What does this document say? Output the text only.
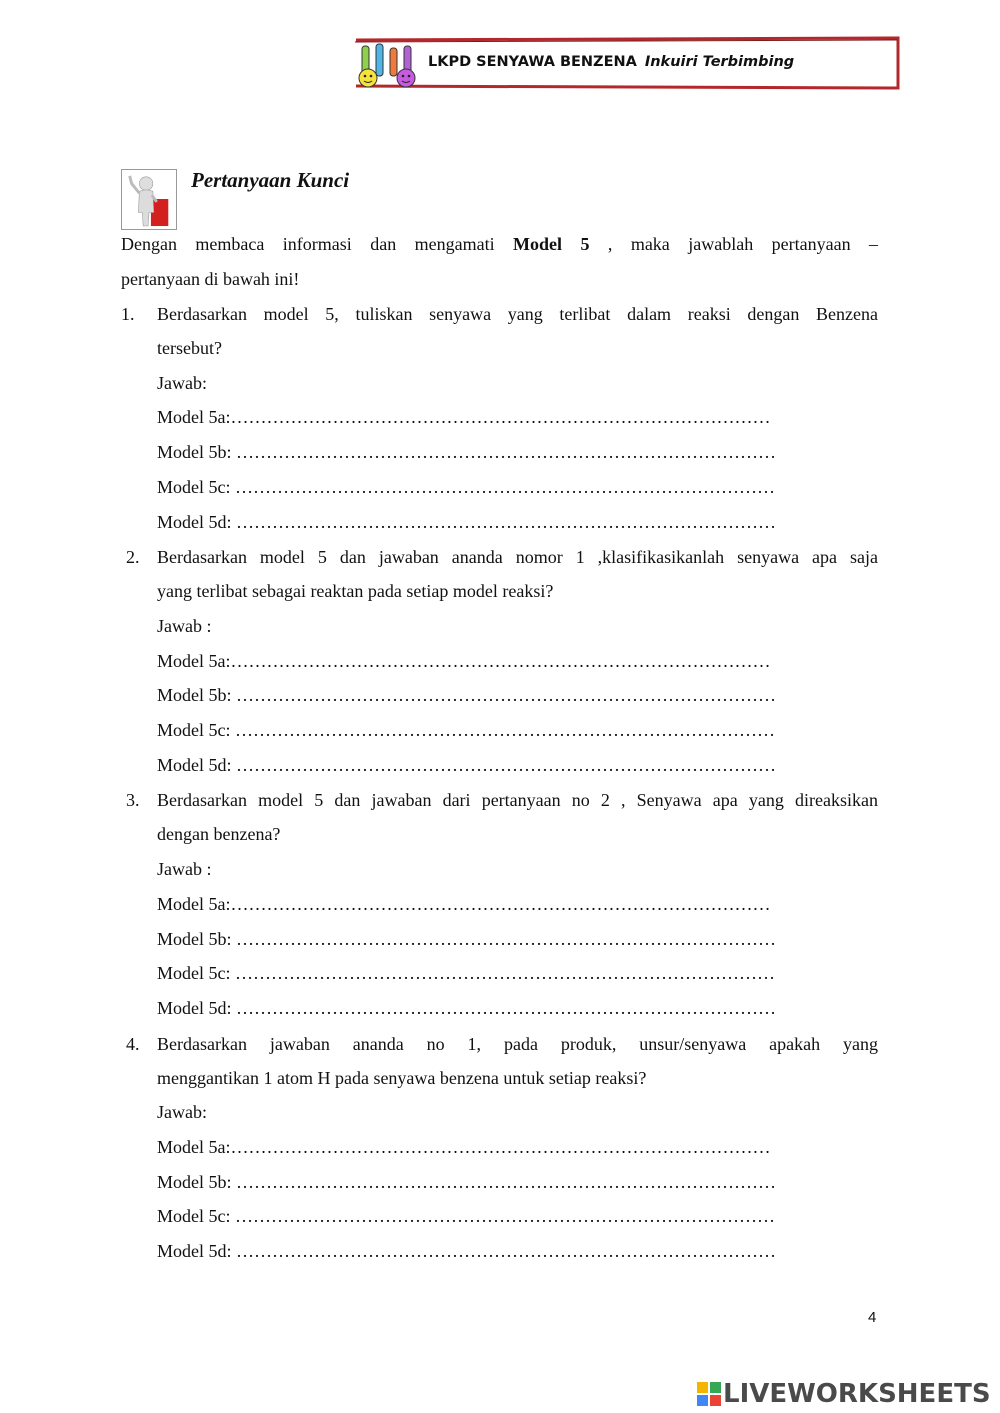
LKPD SENYAWA BENZENA Inkuiri Terbimbing
Pertanyaan Kunci
Dengan membaca informasi dan mengamati Model 5 , maka jawablah pertanyaan –
pertanyaan di bawah ini!
1. Berdasarkan model 5, tuliskan senyawa yang terlibat dalam reaksi dengan Benzena
tersebut?
Jawab:
Model 5a:………………………………………………………………………………
Model 5b: ………………………………………………………………………………
Model 5c: ………………………………………………………………………………
Model 5d: ………………………………………………………………………………
2. Berdasarkan model 5 dan jawaban ananda nomor 1 ,klasifikasikanlah senyawa apa saja
yang terlibat sebagai reaktan pada setiap model reaksi?
Jawab :
Model 5a:………………………………………………………………………………
Model 5b: ………………………………………………………………………………
Model 5c: ………………………………………………………………………………
Model 5d: ………………………………………………………………………………
3. Berdasarkan model 5 dan jawaban dari pertanyaan no 2 , Senyawa apa yang direaksikan
dengan benzena?
Jawab :
Model 5a:………………………………………………………………………………
Model 5b: ………………………………………………………………………………
Model 5c: ………………………………………………………………………………
Model 5d: ………………………………………………………………………………
4. Berdasarkan jawaban ananda no 1, pada produk, unsur/senyawa apakah yang
menggantikan 1 atom H pada senyawa benzena untuk setiap reaksi?
Jawab:
Model 5a:………………………………………………………………………………
Model 5b: ………………………………………………………………………………
Model 5c: ………………………………………………………………………………
Model 5d: ………………………………………………………………………………
4
LIVEWORKSHEETS
